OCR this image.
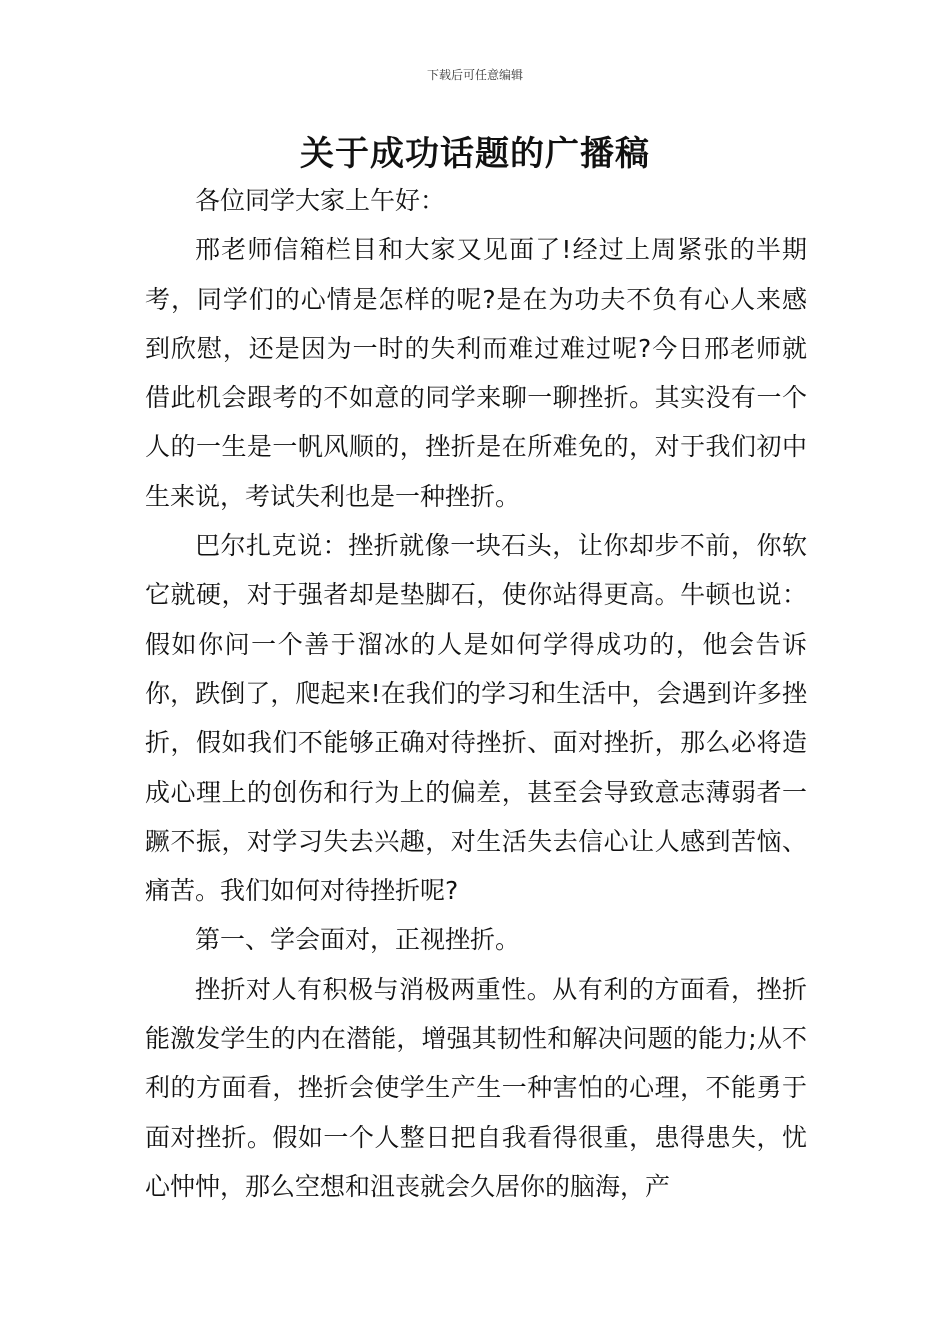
下载后可任意编辑
关于成功话题的广播稿

各位同学大家上午好：

邢老师信箱栏目和大家又见面了!经过上周紧张的半期考，同学们的心情是怎样的呢?是在为功夫不负有心人来感到欣慰，还是因为一时的失利而难过难过呢?今日邢老师就借此机会跟考的不如意的同学来聊一聊挫折。其实没有一个人的一生是一帆风顺的，挫折是在所难免的，对于我们初中生来说，考试失利也是一种挫折。

巴尔扎克说：挫折就像一块石头，让你却步不前，你软它就硬，对于强者却是垫脚石，使你站得更高。牛顿也说：假如你问一个善于溜冰的人是如何学得成功的，他会告诉你，跌倒了，爬起来!在我们的学习和生活中，会遇到许多挫折，假如我们不能够正确对待挫折、面对挫折，那么必将造成心理上的创伤和行为上的偏差，甚至会导致意志薄弱者一蹶不振，对学习失去兴趣，对生活失去信心让人感到苦恼、痛苦。我们如何对待挫折呢?

第一、学会面对，正视挫折。

挫折对人有积极与消极两重性。从有利的方面看，挫折能激发学生的内在潜能，增强其韧性和解决问题的能力;从不利的方面看，挫折会使学生产生一种害怕的心理，不能勇于面对挫折。假如一个人整日把自我看得很重，患得患失，忧心忡忡，那么空想和沮丧就会久居你的脑海，产
